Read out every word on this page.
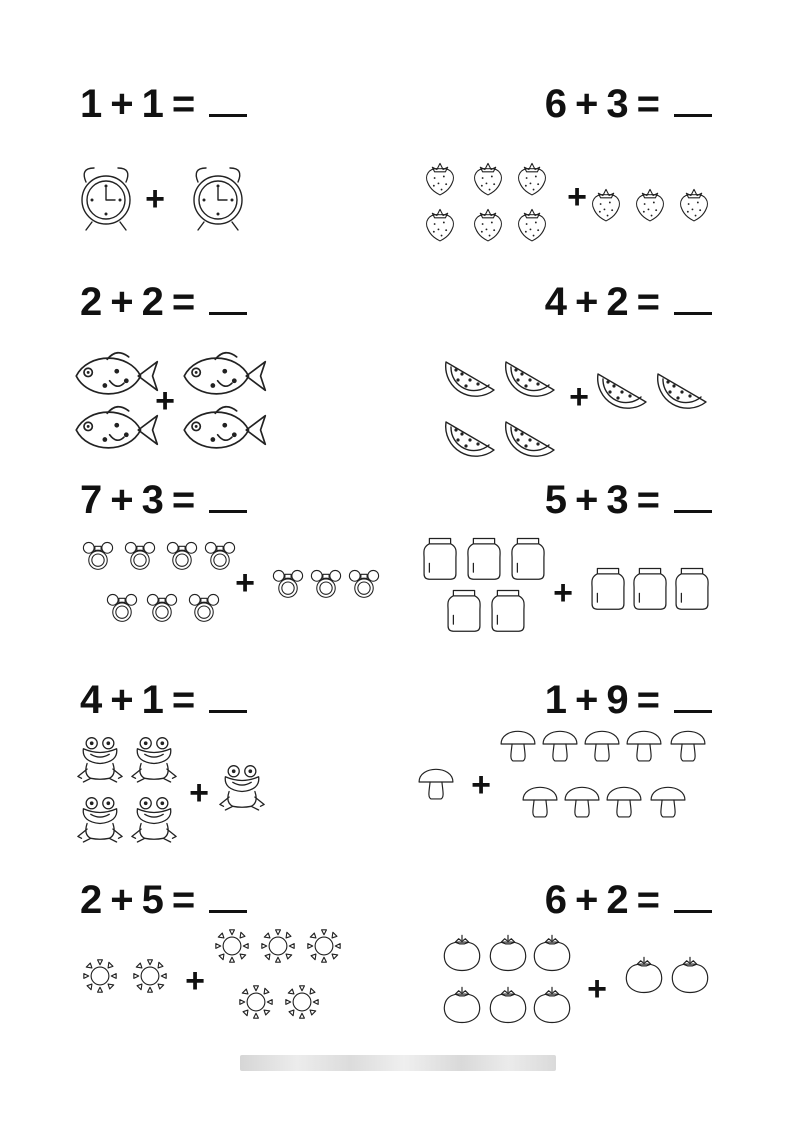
1 + 1 =
+
6 + 3 =
+
2 + 2 =
+
4 + 2 =
+
7 + 3 =
+
5 + 3 =
+
4 + 1 =
+
1 + 9 =
+
2 + 5 =
+
6 + 2 =
+
